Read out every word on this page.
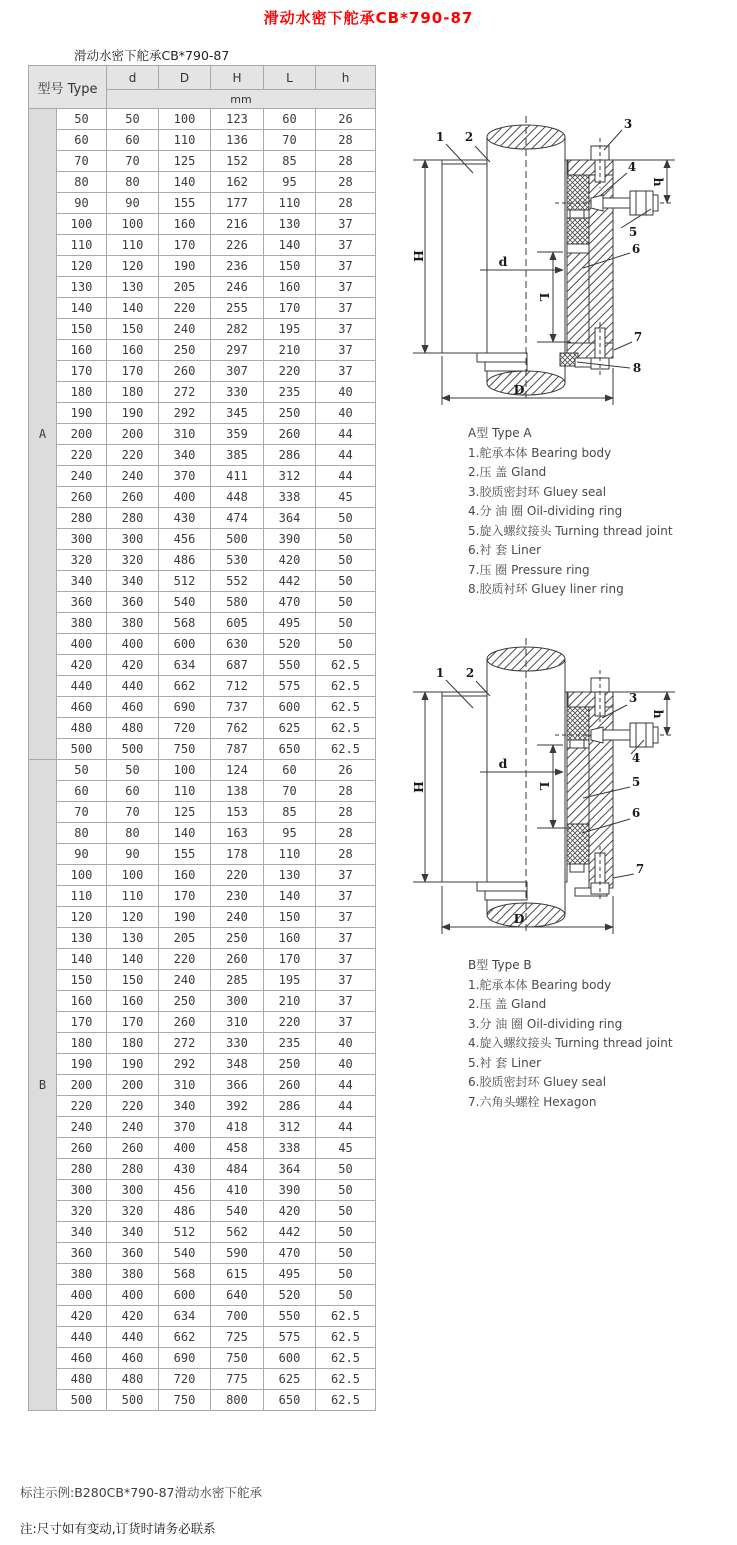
滑动水密下舵承CB*790-87
滑动水密下舵承CB*790-87
型号 Type		d	D	H	L	h
		mm				
A	50	50	100	123	60	26
	60	60	110	136	70	28
	70	70	125	152	85	28
	80	80	140	162	95	28
	90	90	155	177	110	28
	100	100	160	216	130	37
	110	110	170	226	140	37
	120	120	190	236	150	37
	130	130	205	246	160	37
	140	140	220	255	170	37
	150	150	240	282	195	37
	160	160	250	297	210	37
	170	170	260	307	220	37
	180	180	272	330	235	40
	190	190	292	345	250	40
	200	200	310	359	260	44
	220	220	340	385	286	44
	240	240	370	411	312	44
	260	260	400	448	338	45
	280	280	430	474	364	50
	300	300	456	500	390	50
	320	320	486	530	420	50
	340	340	512	552	442	50
	360	360	540	580	470	50
	380	380	568	605	495	50
	400	400	600	630	520	50
	420	420	634	687	550	62.5
	440	440	662	712	575	62.5
	460	460	690	737	600	62.5
	480	480	720	762	625	62.5
	500	500	750	787	650	62.5
B	50	50	100	124	60	26
	60	60	110	138	70	28
	70	70	125	153	85	28
	80	80	140	163	95	28
	90	90	155	178	110	28
	100	100	160	220	130	37
	110	110	170	230	140	37
	120	120	190	240	150	37
	130	130	205	250	160	37
	140	140	220	260	170	37
	150	150	240	285	195	37
	160	160	250	300	210	37
	170	170	260	310	220	37
	180	180	272	330	235	40
	190	190	292	348	250	40
	200	200	310	366	260	44
	220	220	340	392	286	44
	240	240	370	418	312	44
	260	260	400	458	338	45
	280	280	430	484	364	50
	300	300	456	410	390	50
	320	320	486	540	420	50
	340	340	512	562	442	50
	360	360	540	590	470	50
	380	380	568	615	495	50
	400	400	600	640	520	50
	420	420	634	700	550	62.5
	440	440	662	725	575	62.5
	460	460	690	750	600	62.5
	480	480	720	775	625	62.5
	500	500	750	800	650	62.5
H
D
h
d
L
1 2
3
4
5
6
7
8
A型 Type A
1.舵承本体 Bearing body
2.压 盖 Gland
3.胶质密封环 Gluey seal
4.分 油 圈 Oil-dividing ring
5.旋入螺纹接头 Turning thread joint
6.衬 套 Liner
7.压 圈 Pressure ring
8.胶质衬环 Gluey liner ring
H
D
h
d
L
1 2
3
4
5
6
7
B型 Type B
1.舵承本体 Bearing body
2.压 盖 Gland
3.分 油 圈 Oil-dividing ring
4.旋入螺纹接头 Turning thread joint
5.衬 套 Liner
6.胶质密封环 Gluey seal
7.六角头螺栓 Hexagon
标注示例:B280CB*790-87滑动水密下舵承
注:尺寸如有变动,订货时请务必联系
